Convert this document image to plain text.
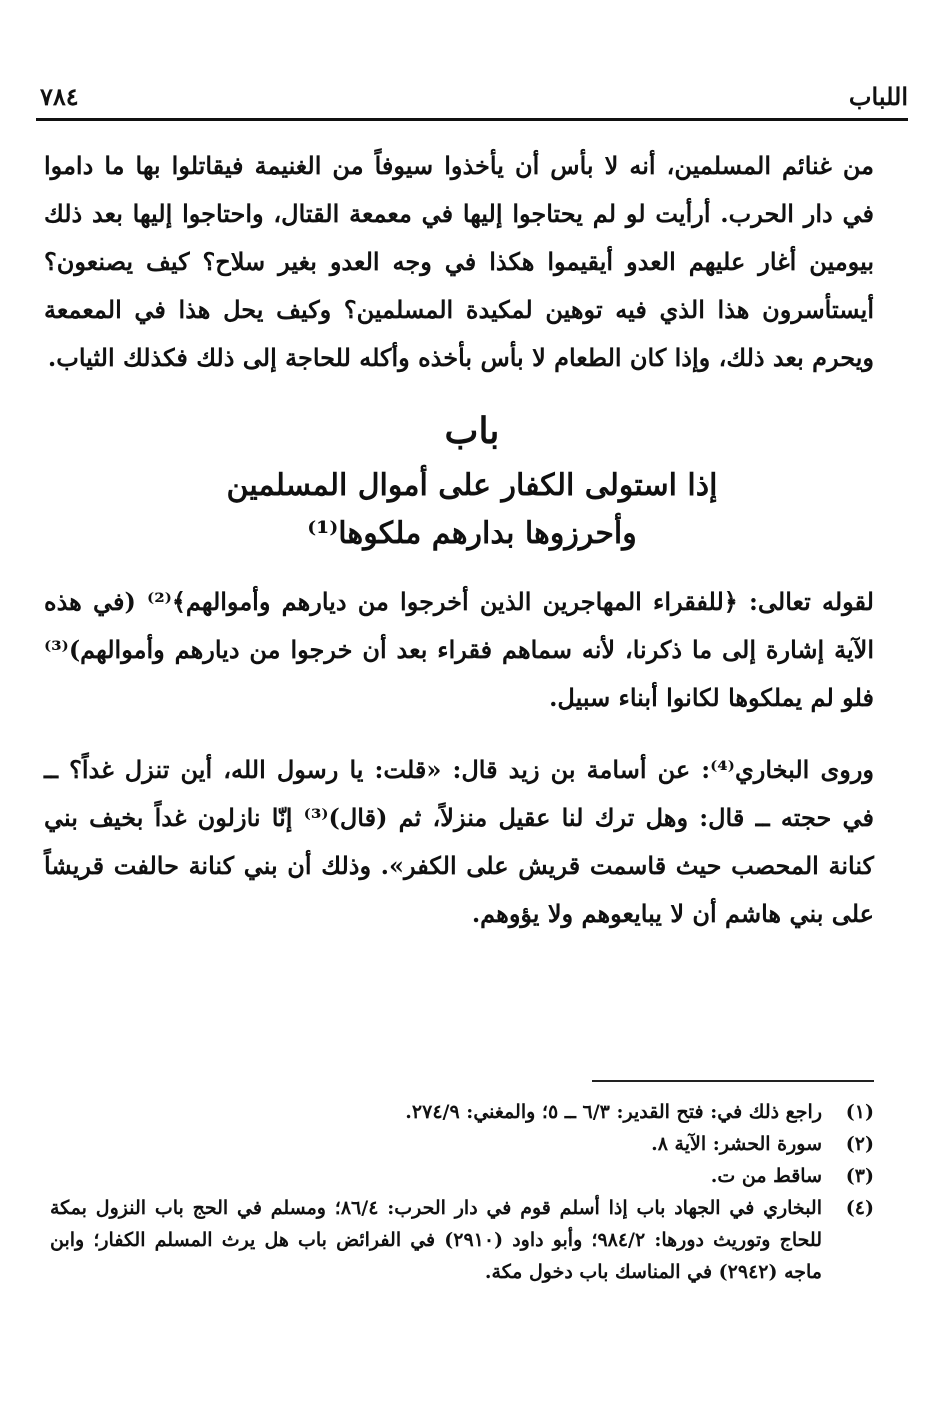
اللباب
٧٨٤
من غنائم المسلمين، أنه لا بأس أن يأخذوا سيوفاً من الغنيمة فيقاتلوا بها ما داموا في دار الحرب. أرأيت لو لم يحتاجوا إليها في معمعة القتال، واحتاجوا إليها بعد ذلك بيومين أغار عليهم العدو أيقيموا هكذا في وجه العدو بغير سلاح؟ كيف يصنعون؟ أيستأسرون هذا الذي فيه توهين لمكيدة المسلمين؟ وكيف يحل هذا في المعمعة ويحرم بعد ذلك، وإذا كان الطعام لا بأس بأخذه وأكله للحاجة إلى ذلك فكذلك الثياب.
باب
إذا استولى الكفار على أموال المسلمين
وأحرزوها بدارهم ملكوها⁽¹⁾
لقوله تعالى: ﴿للفقراء المهاجرين الذين أخرجوا من ديارهم وأموالهم﴾⁽²⁾ (في هذه الآية إشارة إلى ما ذكرنا، لأنه سماهم فقراء بعد أن خرجوا من ديارهم وأموالهم)⁽³⁾ فلو لم يملكوها لكانوا أبناء سبيل.
وروى البخاري⁽⁴⁾: عن أسامة بن زيد قال: «قلت: يا رسول الله، أين تنزل غداً؟ ــ في حجته ــ قال: وهل ترك لنا عقيل منزلاً، ثم (قال)⁽³⁾ إنّا نازلون غداً بخيف بني كنانة المحصب حيث قاسمت قريش على الكفر». وذلك أن بني كنانة حالفت قريشاً على بني هاشم أن لا يبايعوهم ولا يؤوهم.
(١)
راجع ذلك في: فتح القدير: ٦/٣ ــ ٥؛ والمغني: ٢٧٤/٩.
(٢)
سورة الحشر: الآية ٨.
(٣)
ساقط من ت.
(٤)
البخاري في الجهاد باب إذا أسلم قوم في دار الحرب: ٨٦/٤؛ ومسلم في الحج باب النزول بمكة للحاج وتوريث دورها: ٩٨٤/٢؛ وأبو داود (٢٩١٠) في الفرائض باب هل يرث المسلم الكفار؛ وابن ماجه (٢٩٤٢) في المناسك باب دخول مكة.
